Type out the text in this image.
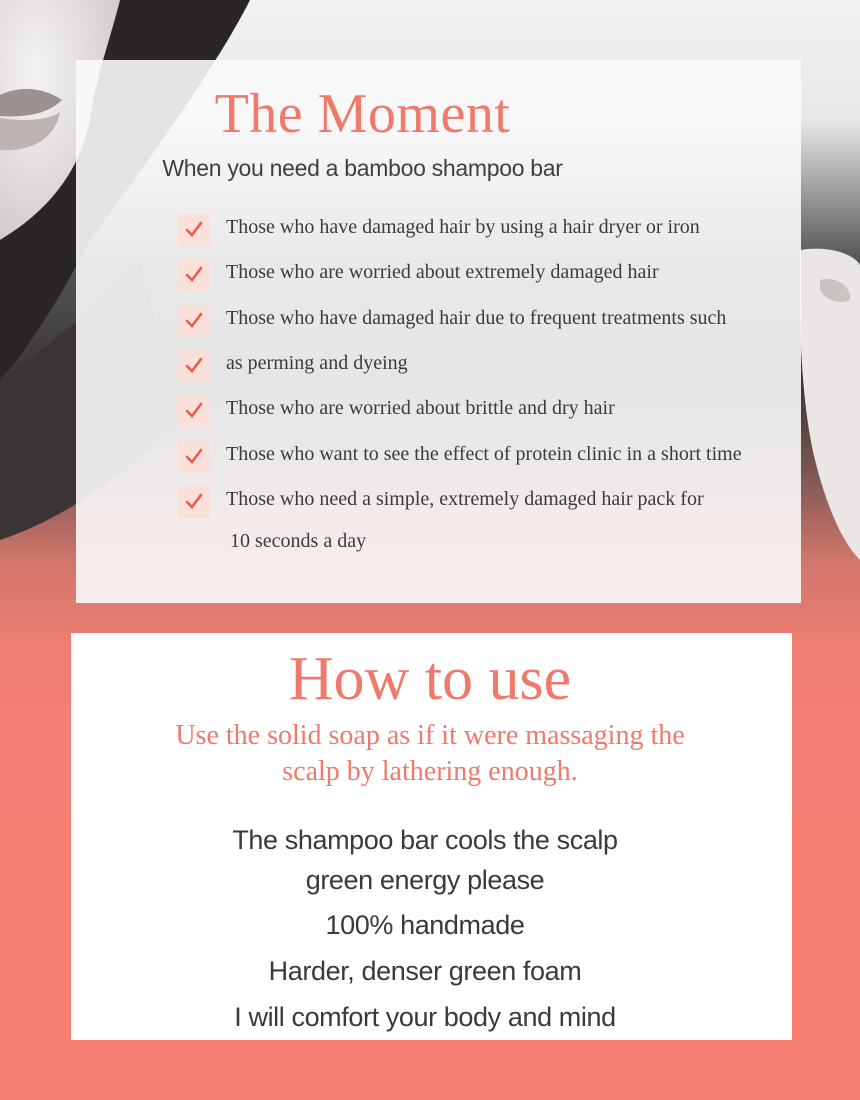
The Moment
When you need a bamboo shampoo bar
Those who have damaged hair by using a hair dryer or iron
Those who are worried about extremely damaged hair
Those who have damaged hair due to frequent treatments such
as perming and dyeing
Those who are worried about brittle and dry hair
Those who want to see the effect of protein clinic in a short time
Those who need a simple, extremely damaged hair pack for
10 seconds a day
How to use
Use the solid soap as if it were massaging the
scalp by lathering enough.
The shampoo bar cools the scalp
green energy please
100% handmade
Harder, denser green foam
I will comfort your body and mind
